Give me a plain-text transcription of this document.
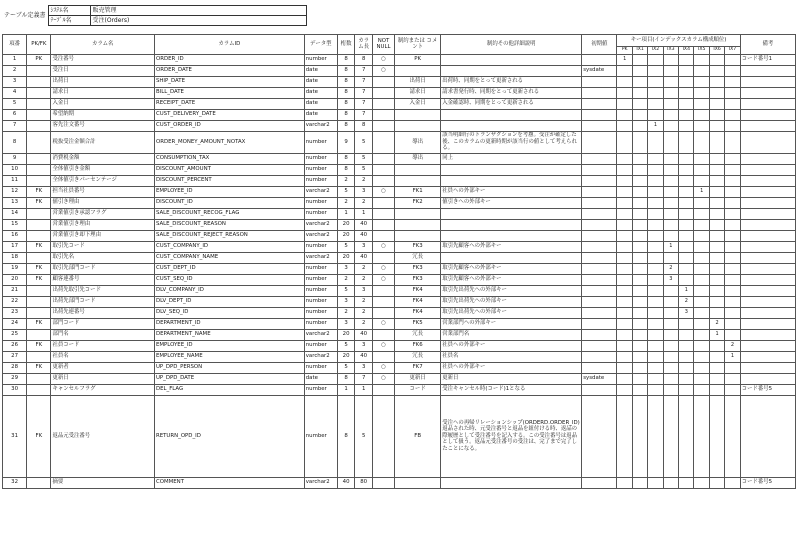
テーブル定義書	ｼｽﾃﾑ名	販売管理
	ﾃｰﾌﾞﾙ名	受注(Orders)
項番	PK/FK	カラム名	カラムID	データ型	桁数	カラム長	NOT NULL	制約または コメント	制約その他詳細説明	初期値	キー項目(インデックスカラム構成順位)								備考
											PK	IX1	IX2	IX3	IX4	IX5	IX6	IX7	
1	PK	受注番号	ORDER_ID	number	8	8	○	PK			1								コード番号1
2		受注日	ORDER_DATE	date	8	7	○			sysdate									
3		出荷日	SHIP_DATE	date	8	7		出荷日	出荷時、同期をとって更新される										
4		請求日	BILL_DATE	date	8	7		請求日	請求書発行時、同期をとって更新される										
5		入金日	RECEIPT_DATE	date	8	7		入金日	入金確認時、同期をとって更新される										
6		希望納期	CUST_DELIVERY_DATE	date	8	7													
7		客先注文番号	CUST_ORDER_ID	varchar2	8	8							1						
8		税抜受注金額合計	ORDER_MONEY_AMOUNT_NOTAX	number	9	5		導出	該当明細行のトランザクションを考慮。受注が確定した後、このカラムの更新時期が該当行の値として考えられる。										
9		消費税金額	CONSUMPTION_TAX	number	8	5		導出	同上										
10		全体値引き金額	DISCOUNT_AMOUNT	number	8	5													
11		全体値引きパーセンテージ	DISCOUNT_PERCENT	number	2	2													
12	FK	担当社員番号	EMPLOYEE_ID	varchar2	5	3	○	FK1	社員への外部キー							1			
13	FK	値引き理由	DISCOUNT_ID	number	2	2		FK2	値引きへの外部キー										
14		営業値引き承認フラグ	SALE_DISCOUNT_RECOG_FLAG	number	1	1													
15		営業値引き理由	SALE_DISCOUNT_REASON	varchar2	20	40													
16		営業値引き却下理由	SALE_DISCOUNT_REJECT_REASON	varchar2	20	40													
17	FK	取引先コード	CUST_COMPANY_ID	number	5	3	○	FK3	取引先顧客への外部キー					1					
18		取引先名	CUST_COMPANY_NAME	varchar2	20	40		冗長											
19	FK	取引先部門コード	CUST_DEPT_ID	number	3	2	○	FK3	取引先顧客への外部キー					2					
20	FK	顧客連番号	CUST_SEQ_ID	number	2	2	○	FK3	取引先顧客への外部キー					3					
21		出荷先取引先コード	DLV_COMPANY_ID	number	5	3		FK4	取引先出荷先への外部キー						1				
22		出荷先部門コード	DLV_DEPT_ID	number	3	2		FK4	取引先出荷先への外部キー						2				
23		出荷先連番号	DLV_SEQ_ID	number	2	2		FK4	取引先出荷先への外部キー						3				
24	FK	部門コード	DEPARTMENT_ID	number	3	2	○	FK5	営業部門への外部キー								2		
25		部門名	DEPARTMENT_NAME	varchar2	20	40		冗長	営業部門名								1		
26	FK	社員コード	EMPLOYEE_ID	number	5	3	○	FK6	社員への外部キー									2	
27		社員名	EMPLOYEE_NAME	varchar2	20	40		冗長	社員名									1	
28	FK	更新者	UP_DPD_PERSON	number	5	3	○	FK7	社員への外部キー										
29		更新日	UP_DPD_DATE	date	8	7	○	更新日	更新日	sysdate									
30		キャンセルフラグ	DEL_FLAG	number	1	1		コード	受注キャンセル時(コード)1となる										コード番号5
31	FK	返品元受注番号	RETURN_OPD_ID	number	8	5		FB	受注への再帰リレーションシップ(ORDERD.ORDER_ID)返品された時、元受注番号と返品を紐付ける時、返品の際履歴として受注番号を記入する。この受注番号は返品として扱う。返品元受注番号の受注は、完了まで完了したことになる。										
32		摘要	COMMENT	varchar2	40	80													コード番号5
